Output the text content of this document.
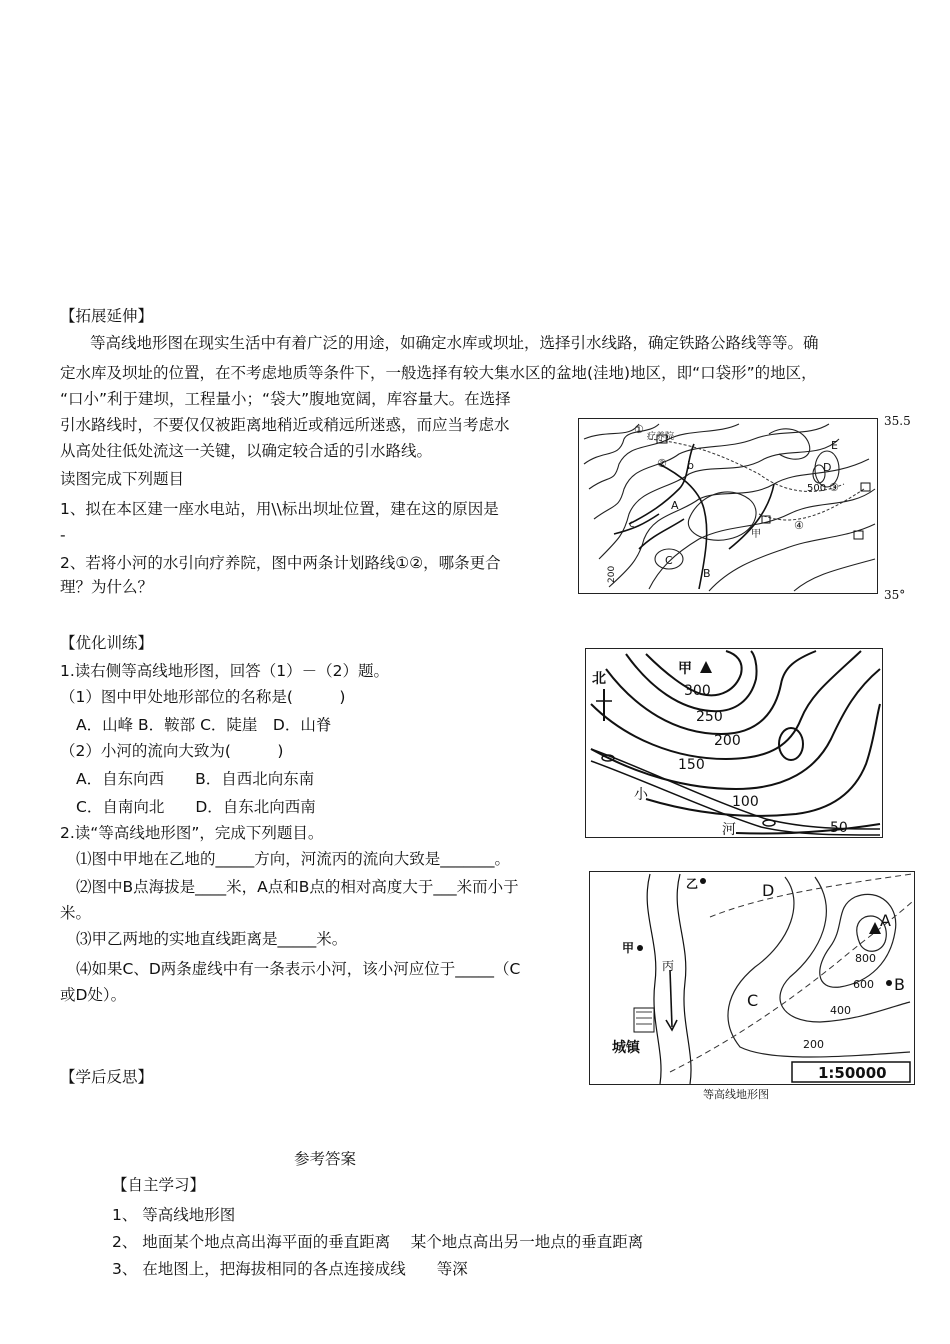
【拓展延伸】
等高线地形图在现实生活中有着广泛的用途，如确定水库或坝址，选择引水线路，确定铁路公路线等等。确
定水库及坝址的位置，在不考虑地质等条件下，一般选择有较大集水区的盆地(洼地)地区，即“口袋形”的地区，
“口小”利于建坝，工程量小；“袋大”腹地宽阔，库容量大。在选择
引水路线时，不要仅仅被距离地稍近或稍远所迷惑，而应当考虑水
从高处往低处流这一关键，以确定较合适的引水路线。
读图完成下列题目
1、拟在本区建一座水电站，用\\标出坝址位置，建在这的原因是
-
2、若将小河的水引向疗养院，图中两条计划路线①②，哪条更合
理？为什么？
①
疗养院
② b
A
E
D
500 ③
④
甲
c
C
B
200
35.5
35°
【优化训练】
1.读右侧等高线地形图，回答（1）－（2）题。
（1）图中甲处地形部位的名称是(　　　)
A．山峰 B．鞍部 C．陡崖　D．山脊
（2）小河的流向大致为(　　　)
A．自东向西　　B．自西北向东南
C．自南向北　　D．自东北向西南
2.读“等高线地形图”，完成下列题目。
⑴图中甲地在乙地的_____方向，河流丙的流向大致是_______。
⑵图中B点海拔是____米，A点和B点的相对高度大于___米而小于
米。
⑶甲乙两地的实地直线距离是_____米。
⑷如果C、D两条虚线中有一条表示小河，该小河应位于_____（C
或D处）。
北
甲
300
250
200
150
100
50
小
河
乙	D
A
甲
丙
800
600 B
400
C
200
城镇
1:50000
等高线地形图
【学后反思】
参考答案
【自主学习】
1、 等高线地形图
2、 地面某个地点高出海平面的垂直距离　 某个地点高出另一地点的垂直距离
3、 在地图上，把海拔相同的各点连接成线　　等深
